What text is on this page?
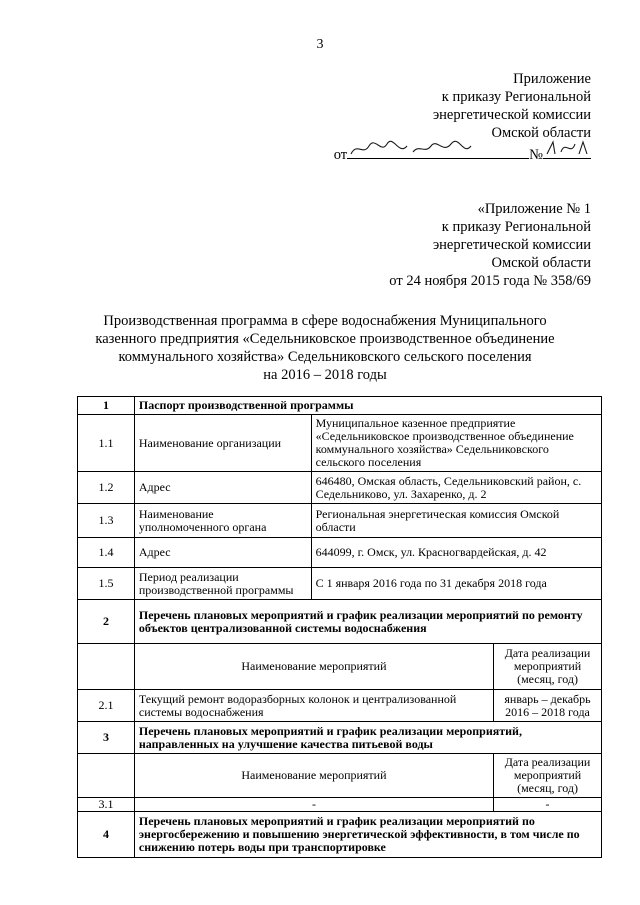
3
Приложение
к приказу Региональной
энергетической комиссии
Омской области
от	№
«Приложение № 1
к приказу Региональной
энергетической комиссии
Омской области
от 24 ноября 2015 года № 358/69
Производственная программа в сфере водоснабжения Муниципального
казенного предприятия «Седельниковское производственное объединение
коммунального хозяйства» Седельниковского сельского поселения
на 2016 – 2018 годы
1	Паспорт производственной программы		
1.1	Наименование организации	Муниципальное казенное предприятие «Седельниковское производственное объединение коммунального хозяйства» Седельниковского сельского поселения	
1.2	Адрес	646480, Омская область, Седельниковский район, с. Седельниково, ул. Захаренко, д. 2	
1.3	Наименование уполномоченного органа	Региональная энергетическая комиссия Омской области	
1.4	Адрес	644099, г. Омск, ул. Красногвардейская, д. 42	
1.5	Период реализации производственной программы	С 1 января 2016 года по 31 декабря 2018 года	
2	Перечень плановых мероприятий и график реализации мероприятий по ремонту объектов централизованной системы водоснабжения		
	Наименование мероприятий		Дата реализации мероприятий (месяц, год)
2.1	Текущий ремонт водоразборных колонок и централизованной системы водоснабжения		январь – декабрь 2016 – 2018 года
3	Перечень плановых мероприятий и график реализации мероприятий, направленных на улучшение качества питьевой воды		
	Наименование мероприятий		Дата реализации мероприятий (месяц, год)
3.1	-		-
4	Перечень плановых мероприятий и график реализации мероприятий по энергосбережению и повышению энергетической эффективности, в том числе по снижению потерь воды при транспортировке		
